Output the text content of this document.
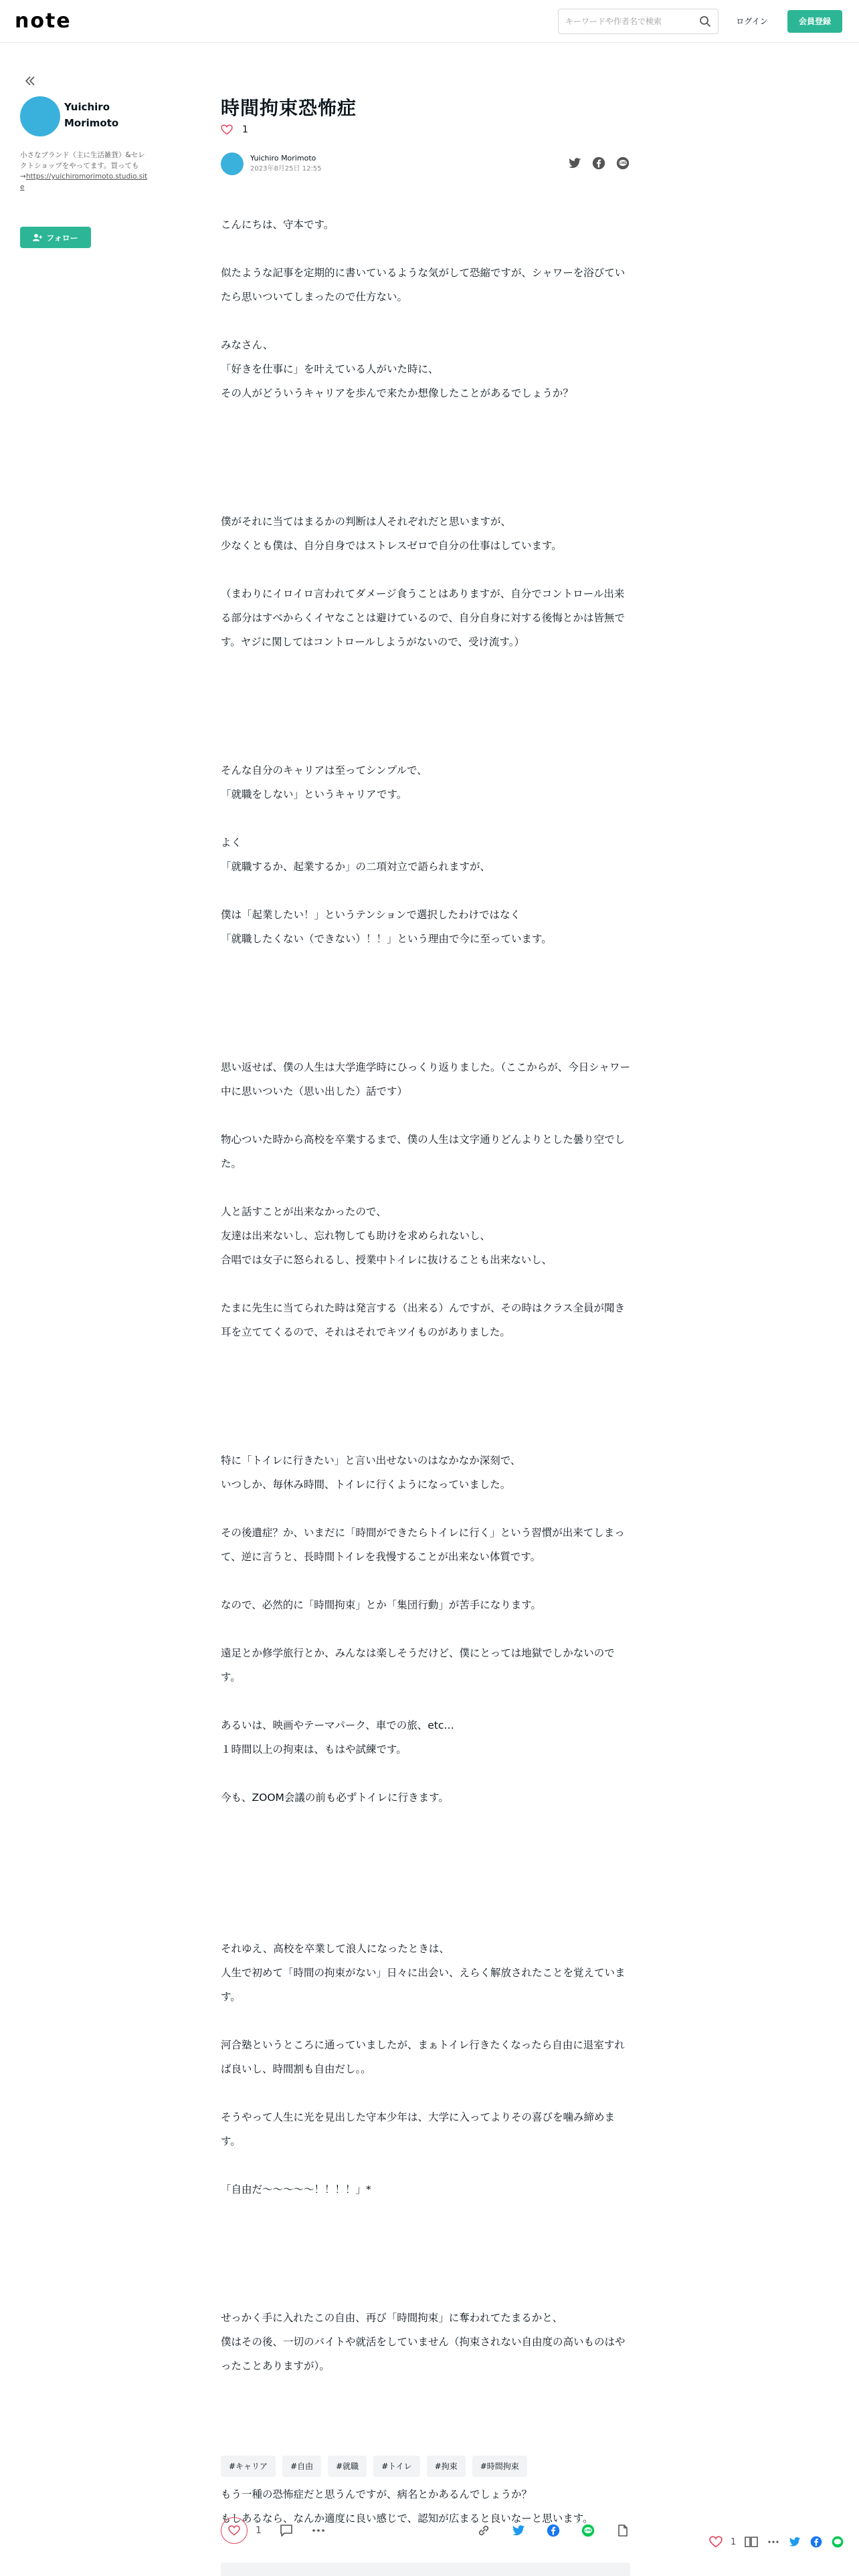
note
キーワードや作者名で検索	ログイン	会員登録
Yuichiro Morimoto
小さなブランド（主に生活雑貨）&セレクトショップをやってます。買っても
→https://yuichiromorimoto.studio.site
フォロー
時間拘束恐怖症
1
Yuichiro Morimoto
2023年8月25日 12:55
LINE

こんにちは、守本です。

似たような記事を定期的に書いているような気がして恐縮ですが、シャワーを浴びていたら思いついてしまったので仕方ない。

みなさん、
「好きを仕事に」を叶えている人がいた時に、
その人がどういうキャリアを歩んで来たか想像したことがあるでしょうか？

僕がそれに当てはまるかの判断は人それぞれだと思いますが、
少なくとも僕は、自分自身ではストレスゼロで自分の仕事はしています。

（まわりにイロイロ言われてダメージ食うことはありますが、自分でコントロール出来る部分はすべからくイヤなことは避けているので、自分自身に対する後悔とかは皆無です。ヤジに関してはコントロールしようがないので、受け流す。）

そんな自分のキャリアは至ってシンプルで、
「就職をしない」というキャリアです。

よく
「就職するか、起業するか」の二項対立で語られますが、

僕は「起業したい！」というテンションで選択したわけではなく
「就職したくない（できない）！！」という理由で今に至っています。

思い返せば、僕の人生は大学進学時にひっくり返りました。（ここからが、今日シャワー中に思いついた（思い出した）話です）

物心ついた時から高校を卒業するまで、僕の人生は文字通りどんよりとした曇り空でした。

人と話すことが出来なかったので、
友達は出来ないし、忘れ物しても助けを求められないし、
合唱では女子に怒られるし、授業中トイレに抜けることも出来ないし、

たまに先生に当てられた時は発言する（出来る）んですが、その時はクラス全員が聞き耳を立ててくるので、それはそれでキツイものがありました。

特に「トイレに行きたい」と言い出せないのはなかなか深刻で、
いつしか、毎休み時間、トイレに行くようになっていました。

その後遺症？か、いまだに「時間ができたらトイレに行く」という習慣が出来てしまって、逆に言うと、長時間トイレを我慢することが出来ない体質です。

なので、必然的に「時間拘束」とか「集団行動」が苦手になります。

遠足とか修学旅行とか、みんなは楽しそうだけど、僕にとっては地獄でしかないのです。

あるいは、映画やテーマパーク、車での旅、etc…
１時間以上の拘束は、もはや試練です。

今も、ZOOM会議の前も必ずトイレに行きます。

それゆえ、高校を卒業して浪人になったときは、
人生で初めて「時間の拘束がない」日々に出会い、えらく解放されたことを覚えています。

河合塾というところに通っていましたが、まぁトイレ行きたくなったら自由に退室すれば良いし、時間割も自由だし。。

そうやって人生に光を見出した守本少年は、大学に入ってよりその喜びを噛み締めます。

「自由だ〜〜〜〜〜！！！！」*

せっかく手に入れたこの自由、再び「時間拘束」に奪われてたまるかと、
僕はその後、一切のバイトや就活をしていません（拘束されない自由度の高いものはやったことありますが）。

もう一種の恐怖症だと思うんですが、病名とかあるんでしょうか？
もしあるなら、なんか適度に良い感じで、認知が広まると良いなーと思います。

#キャリア	#自由	#就職	#トイレ	#拘束	#時間拘束
1	LINE
1
